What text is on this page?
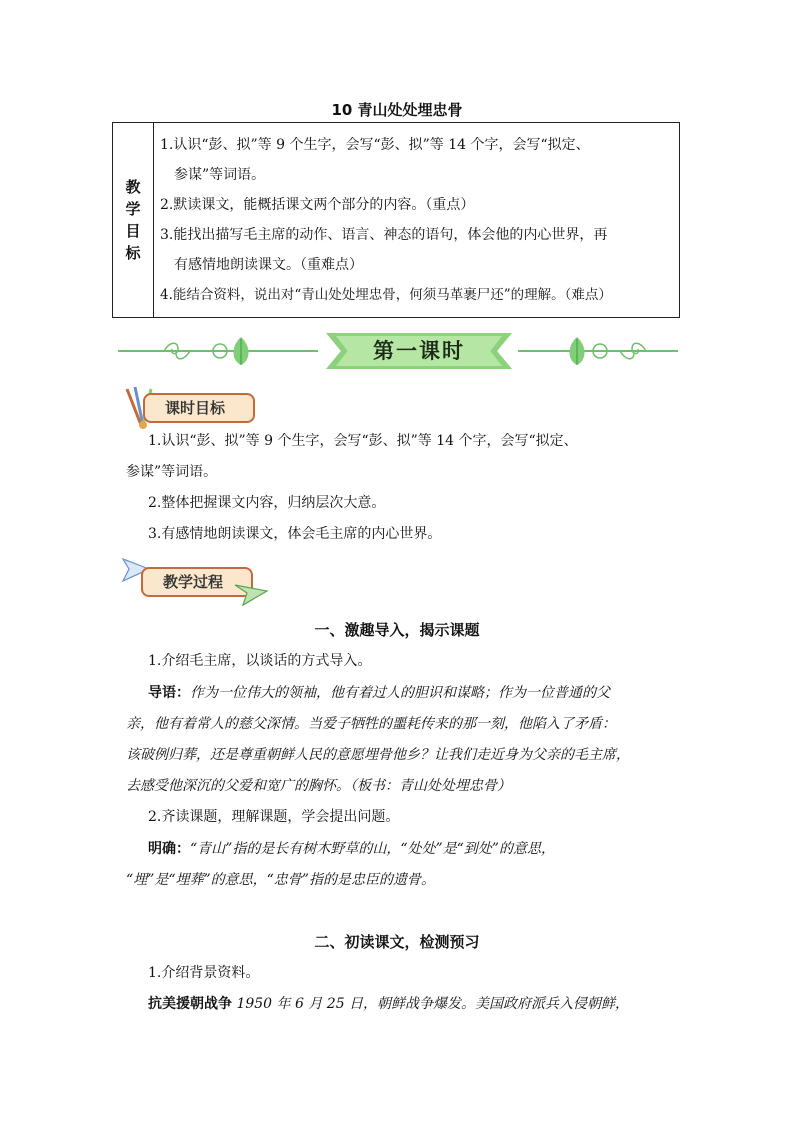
10 青山处处埋忠骨
教
学
目
标

1.认识“彭、拟”等 9 个生字，会写“彭、拟”等 14 个字，会写“拟定、

参谋”等词语。

2.默读课文，能概括课文两个部分的内容。（重点）

3.能找出描写毛主席的动作、语言、神态的语句，体会他的内心世界，再

有感情地朗读课文。（重难点）

4.能结合资料，说出对“青山处处埋忠骨，何须马革裹尸还”的理解。（难点）

第一课时
课时目标

1.认识“彭、拟”等 9 个生字，会写“彭、拟”等 14 个字，会写“拟定、

参谋”等词语。

2.整体把握课文内容，归纳层次大意。

3.有感情地朗读课文，体会毛主席的内心世界。

教学过程
一、激趣导入，揭示课题

1.介绍毛主席，以谈话的方式导入。

导语：作为一位伟大的领袖，他有着过人的胆识和谋略；作为一位普通的父

亲，他有着常人的慈父深情。当爱子牺牲的噩耗传来的那一刻，他陷入了矛盾：

该破例归葬，还是尊重朝鲜人民的意愿埋骨他乡？让我们走近身为父亲的毛主席，

去感受他深沉的父爱和宽广的胸怀。（板书：青山处处埋忠骨）

2.齐读课题，理解课题，学会提出问题。

明确：“青山”指的是长有树木野草的山，“处处”是“到处”的意思，

“埋”是“埋葬”的意思，“忠骨”指的是忠臣的遗骨。

二、初读课文，检测预习

1.介绍背景资料。

抗美援朝战争 1950 年 6 月 25 日，朝鲜战争爆发。美国政府派兵入侵朝鲜，
